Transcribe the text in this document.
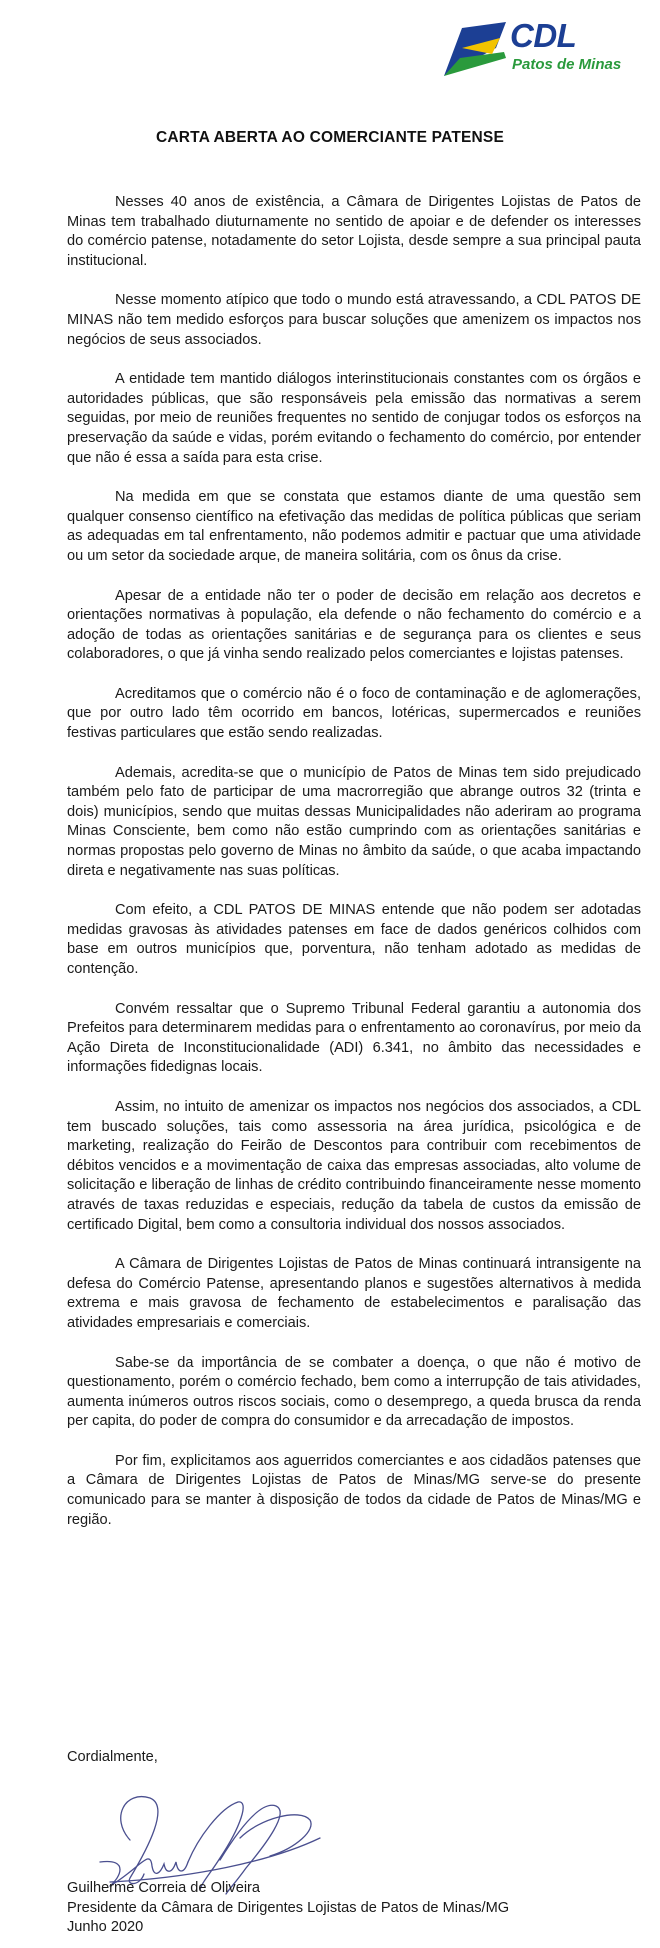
CDL
Patos de Minas
CARTA ABERTA AO COMERCIANTE PATENSE

Nesses 40 anos de existência, a Câmara de Dirigentes Lojistas de Patos de Minas tem trabalhado diuturnamente no sentido de apoiar e de defender os interesses do comércio patense, notadamente do setor Lojista, desde sempre a sua principal pauta institucional.

Nesse momento atípico que todo o mundo está atravessando, a CDL PATOS DE MINAS não tem medido esforços para buscar soluções que amenizem os impactos nos negócios de seus associados.

A entidade tem mantido diálogos interinstitucionais constantes com os órgãos e autoridades públicas, que são responsáveis pela emissão das normativas a serem seguidas, por meio de reuniões frequentes no sentido de conjugar todos os esforços na preservação da saúde e vidas, porém evitando o fechamento do comércio, por entender que não é essa a saída para esta crise.

Na medida em que se constata que estamos diante de uma questão sem qualquer consenso científico na efetivação das medidas de política públicas que seriam as adequadas em tal enfrentamento, não podemos admitir e pactuar que uma atividade ou um setor da sociedade arque, de maneira solitária, com os ônus da crise.

Apesar de a entidade não ter o poder de decisão em relação aos decretos e orientações normativas à população, ela defende o não fechamento do comércio e a adoção de todas as orientações sanitárias e de segurança para os clientes e seus colaboradores, o que já vinha sendo realizado pelos comerciantes e lojistas patenses.

Acreditamos que o comércio não é o foco de contaminação e de aglomerações, que por outro lado têm ocorrido em bancos, lotéricas, supermercados e reuniões festivas particulares que estão sendo realizadas.

Ademais, acredita-se que o município de Patos de Minas tem sido prejudicado também pelo fato de participar de uma macrorregião que abrange outros 32 (trinta e dois) municípios, sendo que muitas dessas Municipalidades não aderiram ao programa Minas Consciente, bem como não estão cumprindo com as orientações sanitárias e normas propostas pelo governo de Minas no âmbito da saúde, o que acaba impactando direta e negativamente nas suas políticas.

Com efeito, a CDL PATOS DE MINAS entende que não podem ser adotadas medidas gravosas às atividades patenses em face de dados genéricos colhidos com base em outros municípios que, porventura, não tenham adotado as medidas de contenção.

Convém ressaltar que o Supremo Tribunal Federal garantiu a autonomia dos Prefeitos para determinarem medidas para o enfrentamento ao coronavírus, por meio da Ação Direta de Inconstitucionalidade (ADI) 6.341, no âmbito das necessidades e informações fidedignas locais.

Assim, no intuito de amenizar os impactos nos negócios dos associados, a CDL tem buscado soluções, tais como assessoria na área jurídica, psicológica e de marketing, realização do Feirão de Descontos para contribuir com recebimentos de débitos vencidos e a movimentação de caixa das empresas associadas, alto volume de solicitação e liberação de linhas de crédito contribuindo financeiramente nesse momento através de taxas reduzidas e especiais, redução da tabela de custos da emissão de certificado Digital, bem como a consultoria individual dos nossos associados.

A Câmara de Dirigentes Lojistas de Patos de Minas continuará intransigente na defesa do Comércio Patense, apresentando planos e sugestões alternativos à medida extrema e mais gravosa de fechamento de estabelecimentos e paralisação das atividades empresariais e comerciais.

Sabe-se da importância de se combater a doença, o que não é motivo de questionamento, porém o comércio fechado, bem como a interrupção de tais atividades, aumenta inúmeros outros riscos sociais, como o desemprego, a queda brusca da renda per capita, do poder de compra do consumidor e da arrecadação de impostos.

Por fim, explicitamos aos aguerridos comerciantes e aos cidadãos patenses que a Câmara de Dirigentes Lojistas de Patos de Minas/MG serve-se do presente comunicado para se manter à disposição de todos da cidade de Patos de Minas/MG e região.

Cordialmente,
Guilherme Correia de Oliveira
Presidente da Câmara de Dirigentes Lojistas de Patos de Minas/MG
Junho 2020
